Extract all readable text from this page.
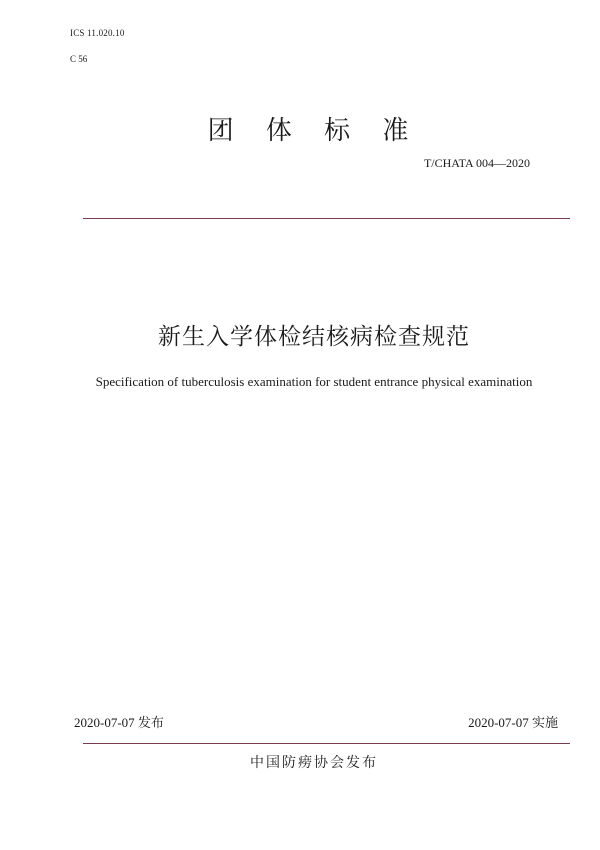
ICS 11.020.10
C 56
团 体 标 准
T/CHATA 004—2020
新生入学体检结核病检查规范
Specification of tuberculosis examination for student entrance physical examination
2020-07-07 发布	2020-07-07 实施
中国防痨协会发布
